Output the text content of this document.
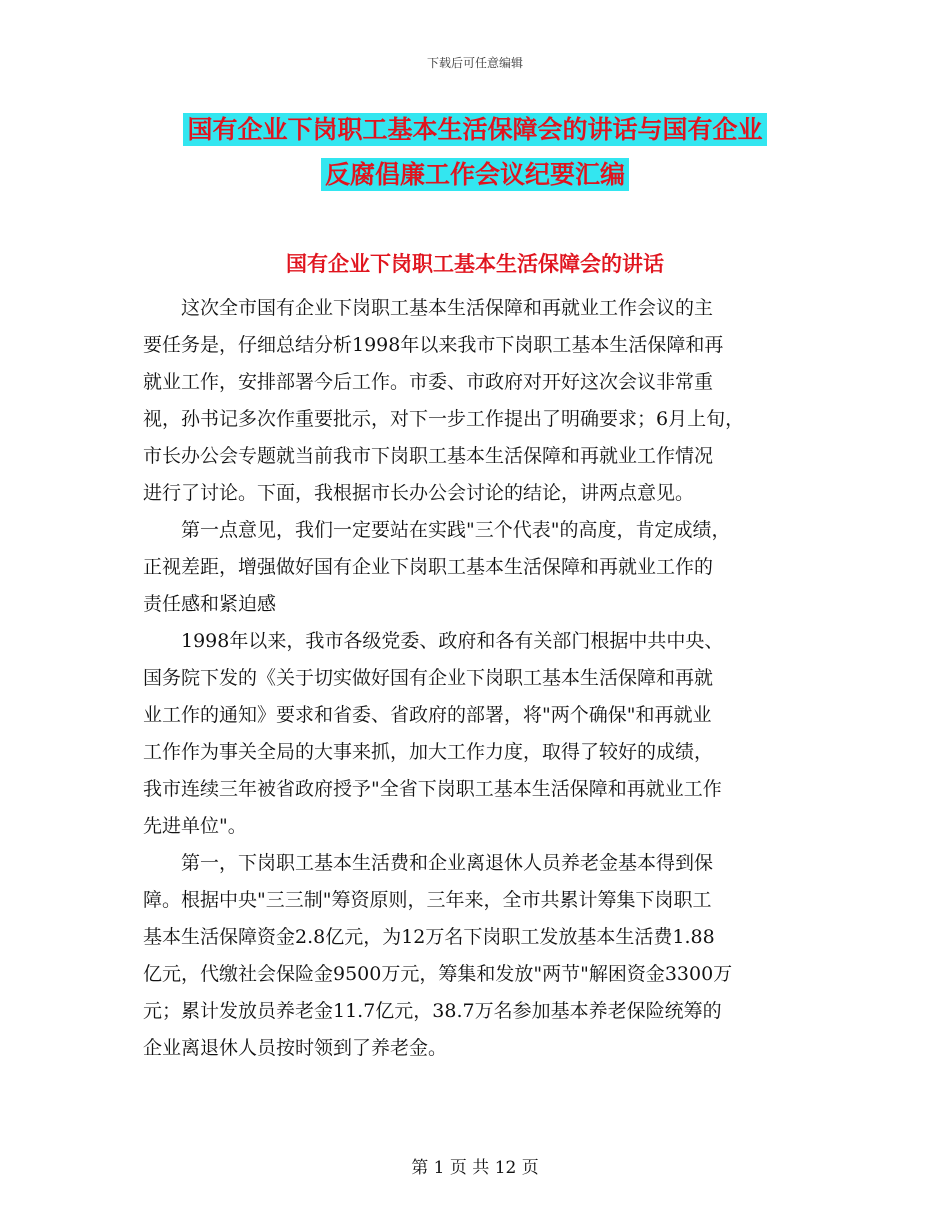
下载后可任意编辑
国有企业下岗职工基本生活保障会的讲话与国有企业
反腐倡廉工作会议纪要汇编
国有企业下岗职工基本生活保障会的讲话
　　这次全市国有企业下岗职工基本生活保障和再就业工作会议的主
要任务是，仔细总结分析1998年以来我市下岗职工基本生活保障和再
就业工作，安排部署今后工作。市委、市政府对开好这次会议非常重
视，孙书记多次作重要批示，对下一步工作提出了明确要求；6月上旬，
市长办公会专题就当前我市下岗职工基本生活保障和再就业工作情况
进行了讨论。下面，我根据市长办公会讨论的结论，讲两点意见。
　　第一点意见，我们一定要站在实践"三个代表"的高度，肯定成绩，
正视差距，增强做好国有企业下岗职工基本生活保障和再就业工作的
责任感和紧迫感
　　1998年以来，我市各级党委、政府和各有关部门根据中共中央、
国务院下发的《关于切实做好国有企业下岗职工基本生活保障和再就
业工作的通知》要求和省委、省政府的部署，将"两个确保"和再就业
工作作为事关全局的大事来抓，加大工作力度，取得了较好的成绩，
我市连续三年被省政府授予"全省下岗职工基本生活保障和再就业工作
先进单位"。
　　第一，下岗职工基本生活费和企业离退休人员养老金基本得到保
障。根据中央"三三制"筹资原则，三年来，全市共累计筹集下岗职工
基本生活保障资金2.8亿元，为12万名下岗职工发放基本生活费1.88
亿元，代缴社会保险金9500万元，筹集和发放"两节"解困资金3300万
元；累计发放员养老金11.7亿元，38.7万名参加基本养老保险统筹的
企业离退休人员按时领到了养老金。
第 1 页 共 12 页
